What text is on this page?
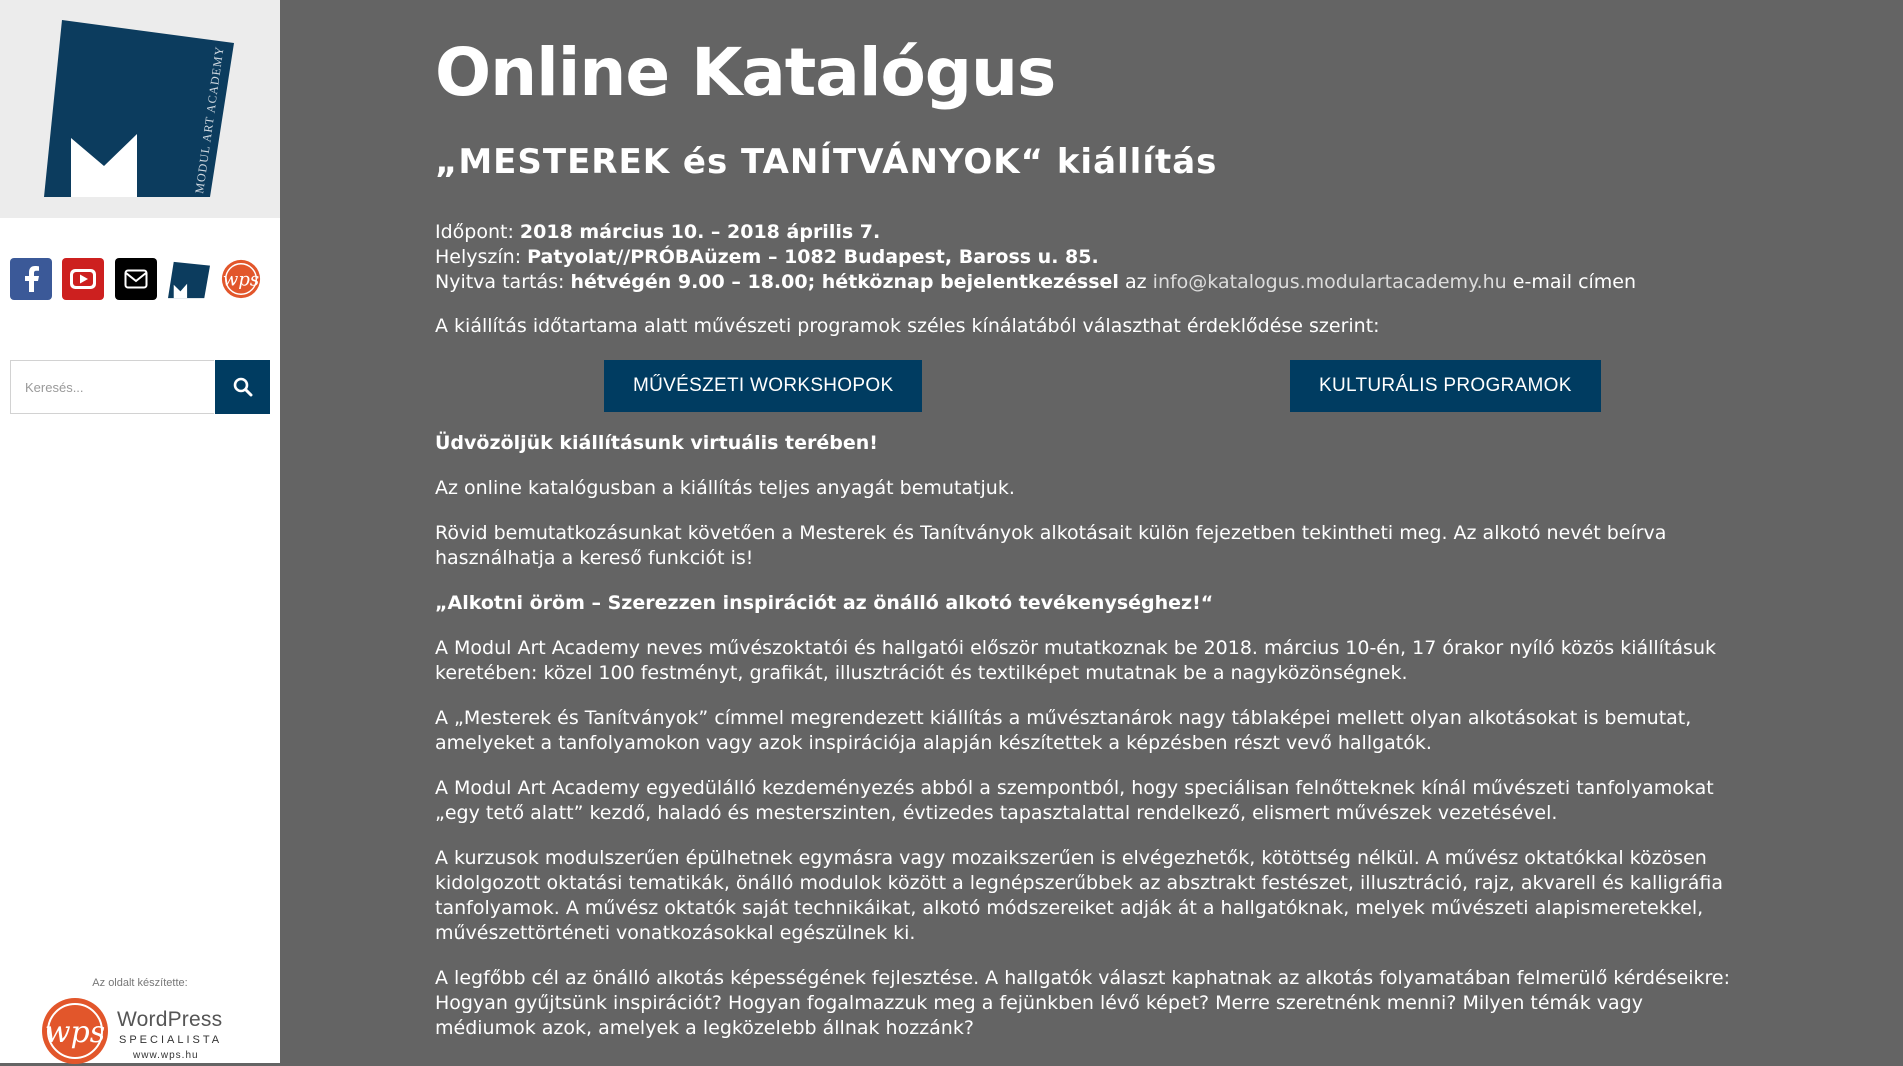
MODUL ART ACADEMY
wps
Keresés...
Az oldalt készítette:
wps WordPress
SPECIALISTA
www.wps.hu
Online Katalógus
„MESTEREK és TANÍTVÁNYOK“ kiállítás
Időpont: 2018 március 10. – 2018 április 7.
Helyszín: Patyolat//PRÓBAüzem – 1082 Budapest, Baross u. 85.
Nyitva tartás: hétvégén 9.00 – 18.00; hétköznap bejelentkezéssel az info@katalogus.modulartacademy.hu e-mail címen
A kiállítás időtartama alatt művészeti programok széles kínálatából választhat érdeklődése szerint:
MŰVÉSZETI WORKSHOPOK	KULTURÁLIS PROGRAMOK

Üdvözöljük kiállításunk virtuális terében!

Az online katalógusban a kiállítás teljes anyagát bemutatjuk.

Rövid bemutatkozásunkat követően a Mesterek és Tanítványok alkotásait külön fejezetben tekintheti meg. Az alkotó nevét beírva használhatja a kereső funkciót is!

„Alkotni öröm – Szerezzen inspirációt az önálló alkotó tevékenységhez!“

A Modul Art Academy neves művészoktatói és hallgatói először mutatkoznak be 2018. március 10-én, 17 órakor nyíló közös kiállításuk keretében: közel 100 festményt, grafikát, illusztrációt és textilképet mutatnak be a nagyközönségnek.

A „Mesterek és Tanítványok” címmel megrendezett kiállítás a művésztanárok nagy táblaképei mellett olyan alkotásokat is bemutat, amelyeket a tanfolyamokon vagy azok inspirációja alapján készítettek a képzésben részt vevő hallgatók.

A Modul Art Academy egyedülálló kezdeményezés abból a szempontból, hogy speciálisan felnőtteknek kínál művészeti tanfolyamokat „egy tető alatt” kezdő, haladó és mesterszinten, évtizedes tapasztalattal rendelkező, elismert művészek vezetésével.

A kurzusok modulszerűen épülhetnek egymásra vagy mozaikszerűen is elvégezhetők, kötöttség nélkül. A művész oktatókkal közösen kidolgozott oktatási tematikák, önálló modulok között a legnépszerűbbek az absztrakt festészet, illusztráció, rajz, akvarell és kalligráfia tanfolyamok. A művész oktatók saját technikáikat, alkotó módszereiket adják át a hallgatóknak, melyek művészeti alapismeretekkel, művészettörténeti vonatkozásokkal egészülnek ki.

A legfőbb cél az önálló alkotás képességének fejlesztése. A hallgatók választ kaphatnak az alkotás folyamatában felmerülő kérdéseikre: Hogyan gyűjtsünk inspirációt? Hogyan fogalmazzuk meg a fejünkben lévő képet? Merre szeretnénk menni? Milyen témák vagy médiumok azok, amelyek a legközelebb állnak hozzánk?
